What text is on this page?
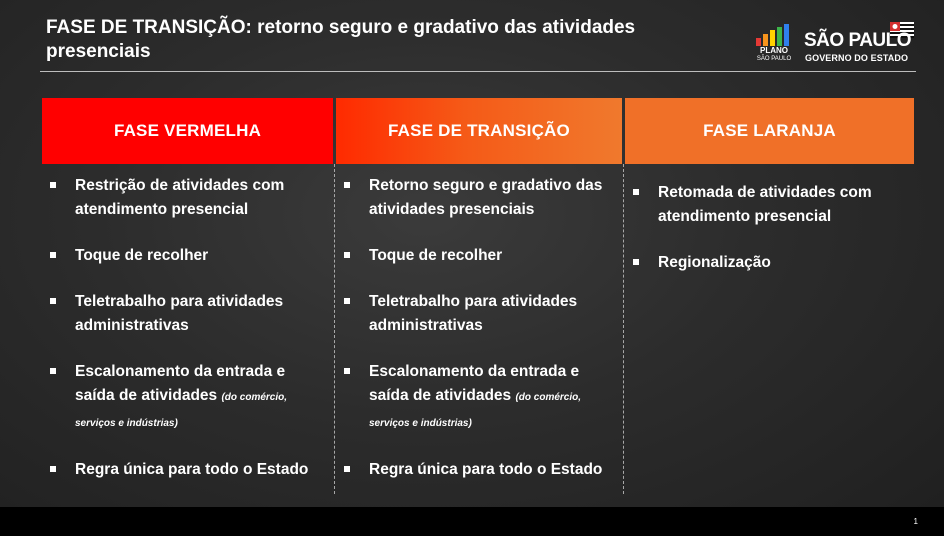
FASE DE TRANSIÇÃO: retorno seguro e gradativo das atividades presenciais	PLANO
SÃO PAULO
SÃO PAULO
GOVERNO DO ESTADO
FASE VERMELHA
Restrição de atividades com atendimento presencial
Toque de recolher
Teletrabalho para atividades administrativas
Escalonamento da entrada e saída de atividades (do comércio, serviços e indústrias)
Regra única para todo o Estado
FASE DE TRANSIÇÃO
Retorno seguro e gradativo das atividades presenciais
Toque de recolher
Teletrabalho para atividades administrativas
Escalonamento da entrada e saída de atividades (do comércio, serviços e indústrias)
Regra única para todo o Estado
FASE LARANJA
Retomada de atividades com atendimento presencial
Regionalização
1
